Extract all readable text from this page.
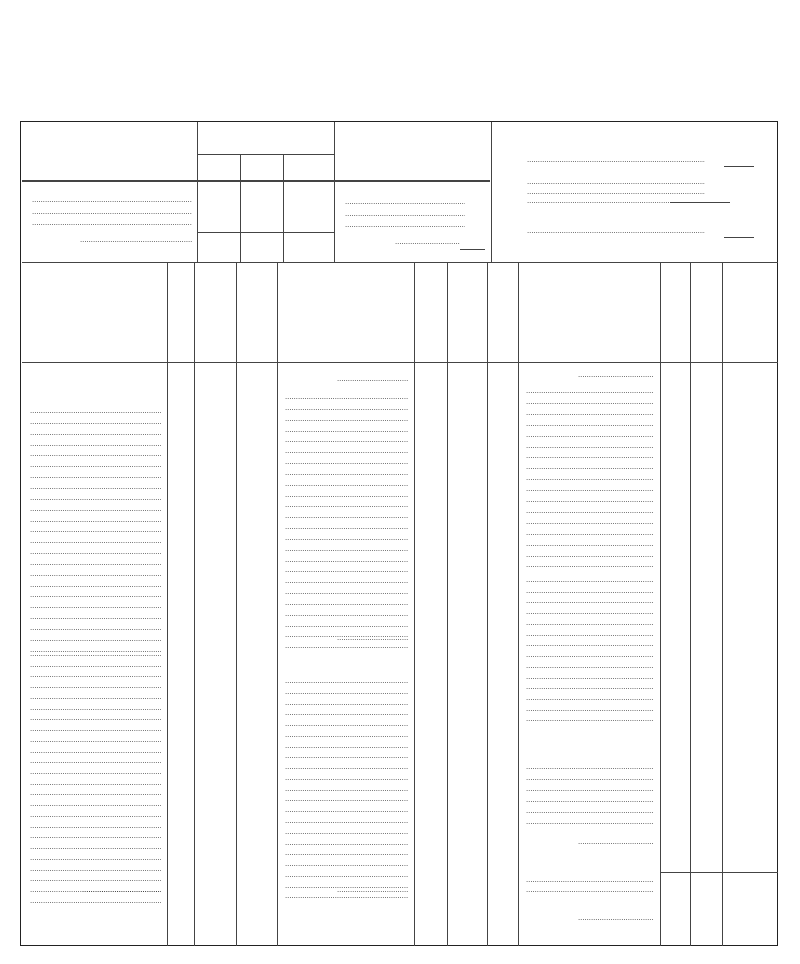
.....
.....
.....
.....
.....
.....
.....
.....
.....
.....
.....
.....
.....
.....
.....
.....
.....
.....
.....
.....
.....
.....
.....
.....
.....
.....
.....
.....
.....
.....
.....
.....
.....
.....
.....
.....
.....
.....
.....
.....
.....
.....
.....
.....
.....
.....
.....
.....
.....
.....
.....
.....
.....
.....
.....
.....
.....
.....
.....
.....
.....
.....
.....
.....
.....
.....
.....
.....
.....
.....
.....
.....
.....
.....
.....
.....
.....
.....
.....
.....
.....
.....
.....
.....
.....
.....
.....
.....
.....
.....
.....
.....
.....
.....
.....
.....
.....
.....
.....
.....
.....
.....
.....
.....
.....
.....
.....
.....
.....
.....
.....
.....
.....
.....
.....
.....
.....
.....
.....
.....
.....
.....
.....
.....
.....
.....
.....
.....
.....
.....
.....
.....
.....
.....
.....
.....
.....
.....
.....
.....
.....
.....
.....
.....
.....
.....
.....
.....
.....
.....
.....
